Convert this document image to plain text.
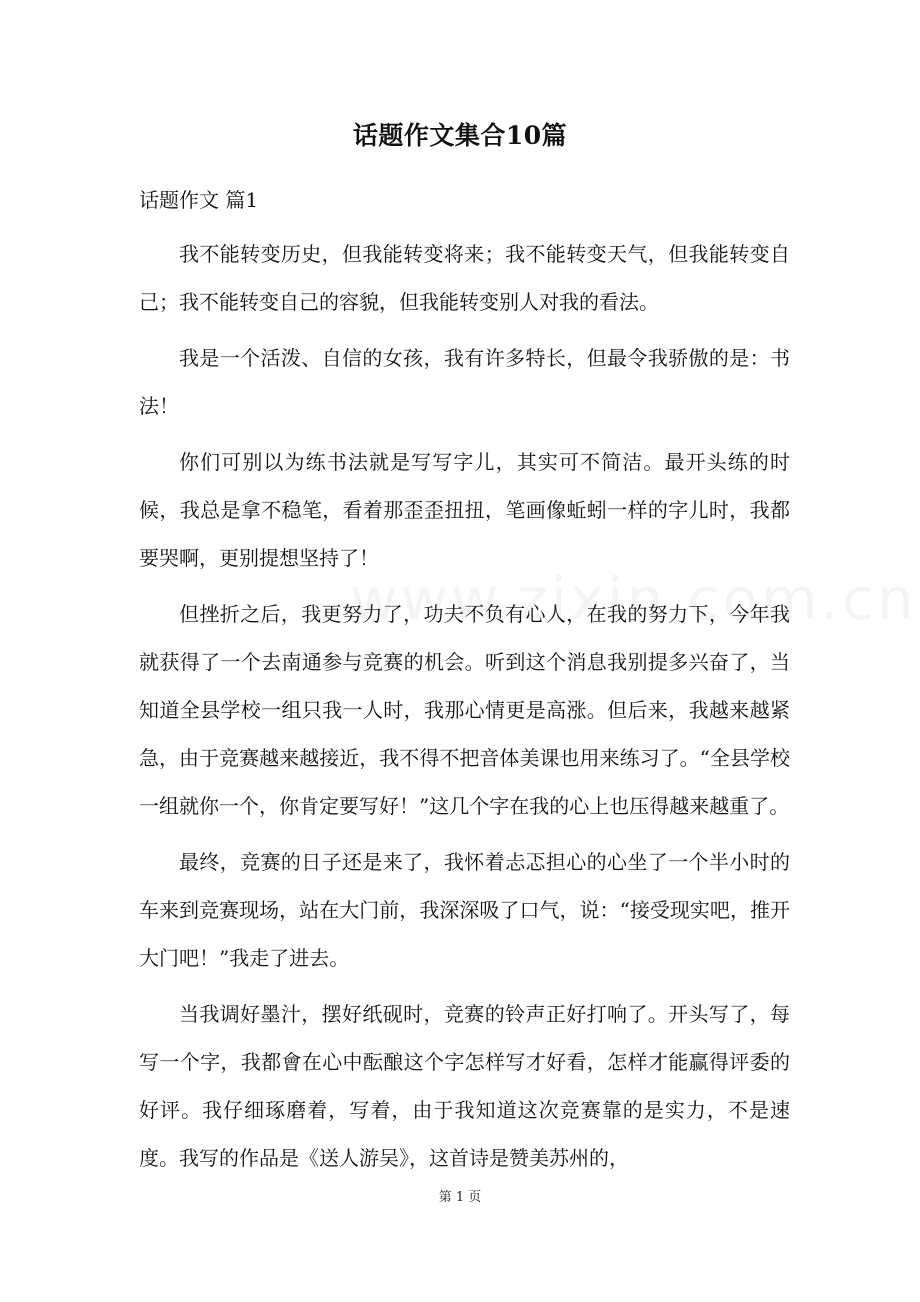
话题作文集合10篇
话题作文 篇1

我不能转变历史，但我能转变将来；我不能转变天气，但我能转变自己；我不能转变自己的容貌，但我能转变别人对我的看法。

我是一个活泼、自信的女孩，我有许多特长，但最令我骄傲的是：书法！

你们可别以为练书法就是写写字儿，其实可不简洁。最开头练的时候，我总是拿不稳笔，看着那歪歪扭扭，笔画像蚯蚓一样的字儿时，我都要哭啊，更别提想坚持了！

但挫折之后，我更努力了，功夫不负有心人，在我的努力下，今年我就获得了一个去南通参与竞赛的机会。听到这个消息我别提多兴奋了，当知道全县学校一组只我一人时，我那心情更是高涨。但后来，我越来越紧急，由于竞赛越来越接近，我不得不把音体美课也用来练习了。“全县学校一组就你一个，你肯定要写好！”这几个字在我的心上也压得越来越重了。

最终，竞赛的日子还是来了，我怀着忐忑担心的心坐了一个半小时的车来到竞赛现场，站在大门前，我深深吸了口气，说：“接受现实吧，推开大门吧！”我走了进去。

当我调好墨汁，摆好纸砚时，竞赛的铃声正好打响了。开头写了，每写一个字，我都會在心中酝酿这个字怎样写才好看，怎样才能赢得评委的好评。我仔细琢磨着，写着，由于我知道这次竞赛靠的是实力，不是速度。我写的作品是《送人游吴》，这首诗是赞美苏州的，

第 1 页
